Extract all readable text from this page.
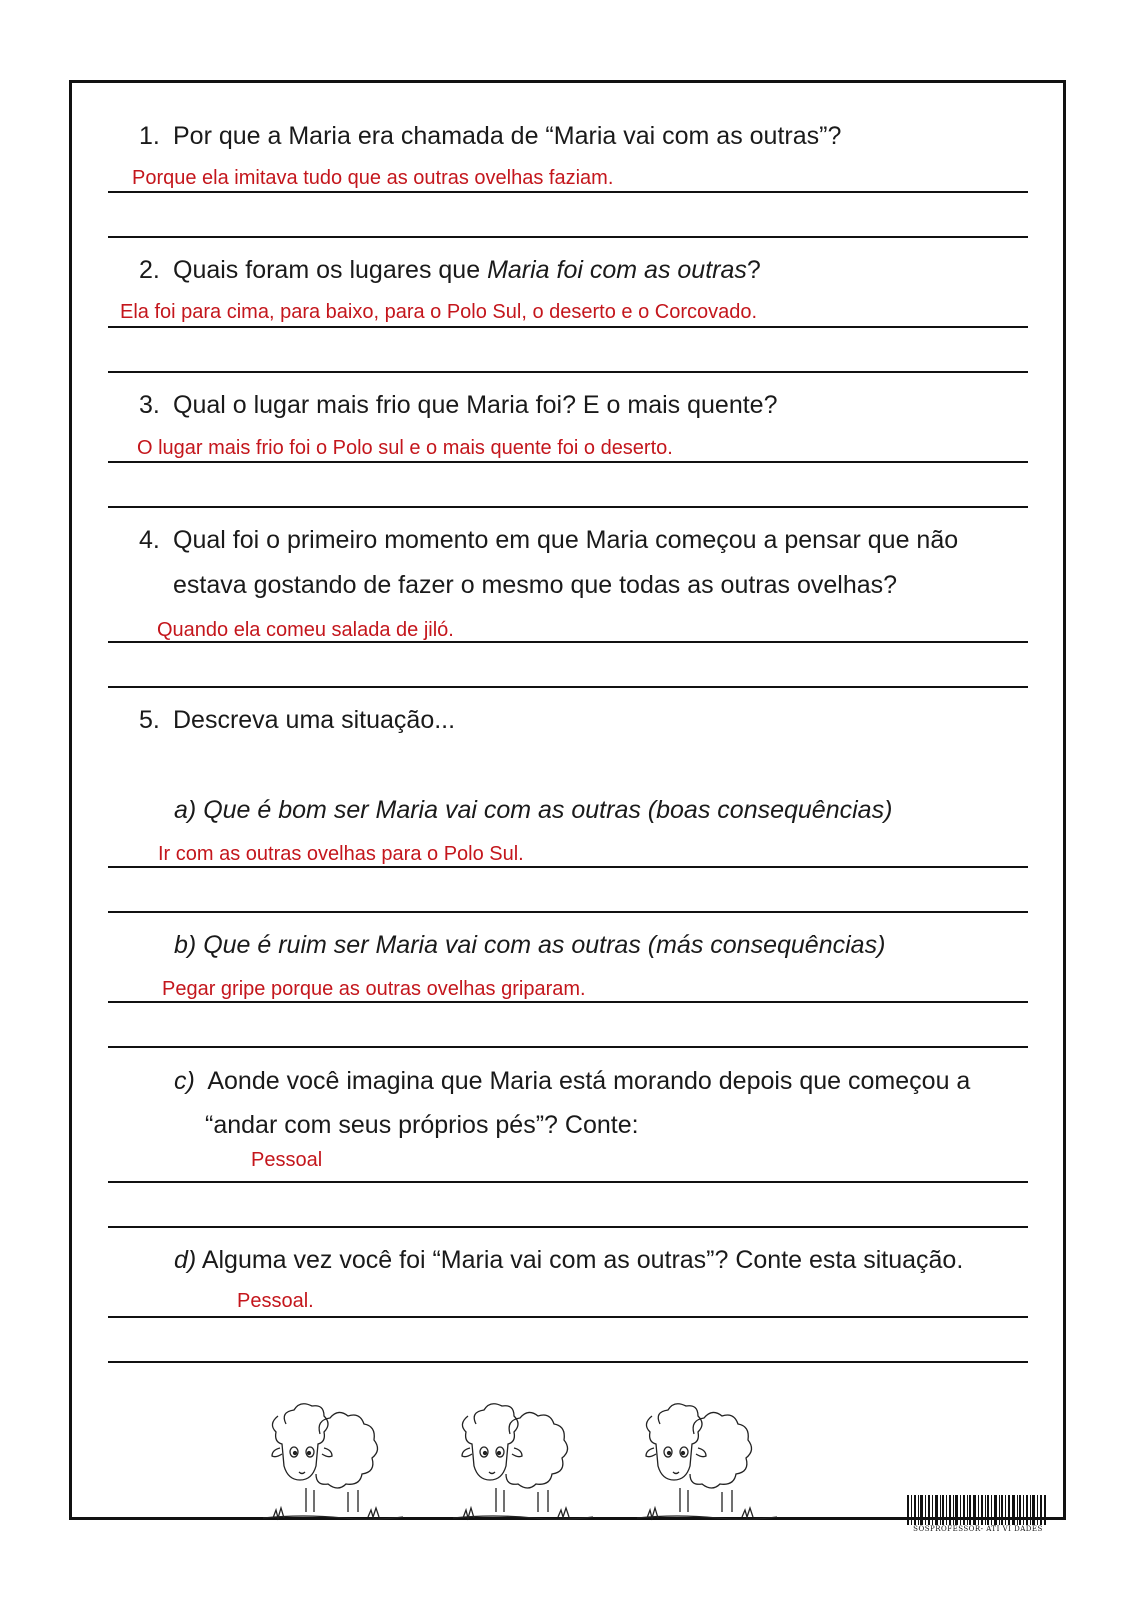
1. Por que a Maria era chamada de “Maria vai com as outras”?
Porque ela imitava tudo que as outras ovelhas faziam.
2. Quais foram os lugares que Maria foi com as outras?
Ela foi para cima, para baixo, para o Polo Sul, o deserto e o Corcovado.
3. Qual o lugar mais frio que Maria foi? E o mais quente?
O lugar mais frio foi o Polo sul e o mais quente foi o deserto.
4. Qual foi o primeiro momento em que Maria começou a pensar que não
estava gostando de fazer o mesmo que todas as outras ovelhas?
Quando ela comeu salada de jiló.
5. Descreva uma situação...
a) Que é bom ser Maria vai com as outras (boas consequências)
Ir com as outras ovelhas para o Polo Sul.
b) Que é ruim ser Maria vai com as outras (más consequências)
Pegar gripe porque as outras ovelhas griparam.
c) Aonde você imagina que Maria está morando depois que começou a
“andar com seus próprios pés”? Conte:
Pessoal
d) Alguma vez você foi “Maria vai com as outras”? Conte esta situação.
Pessoal.
SOSPROFESSOR- ATI VI DADES
